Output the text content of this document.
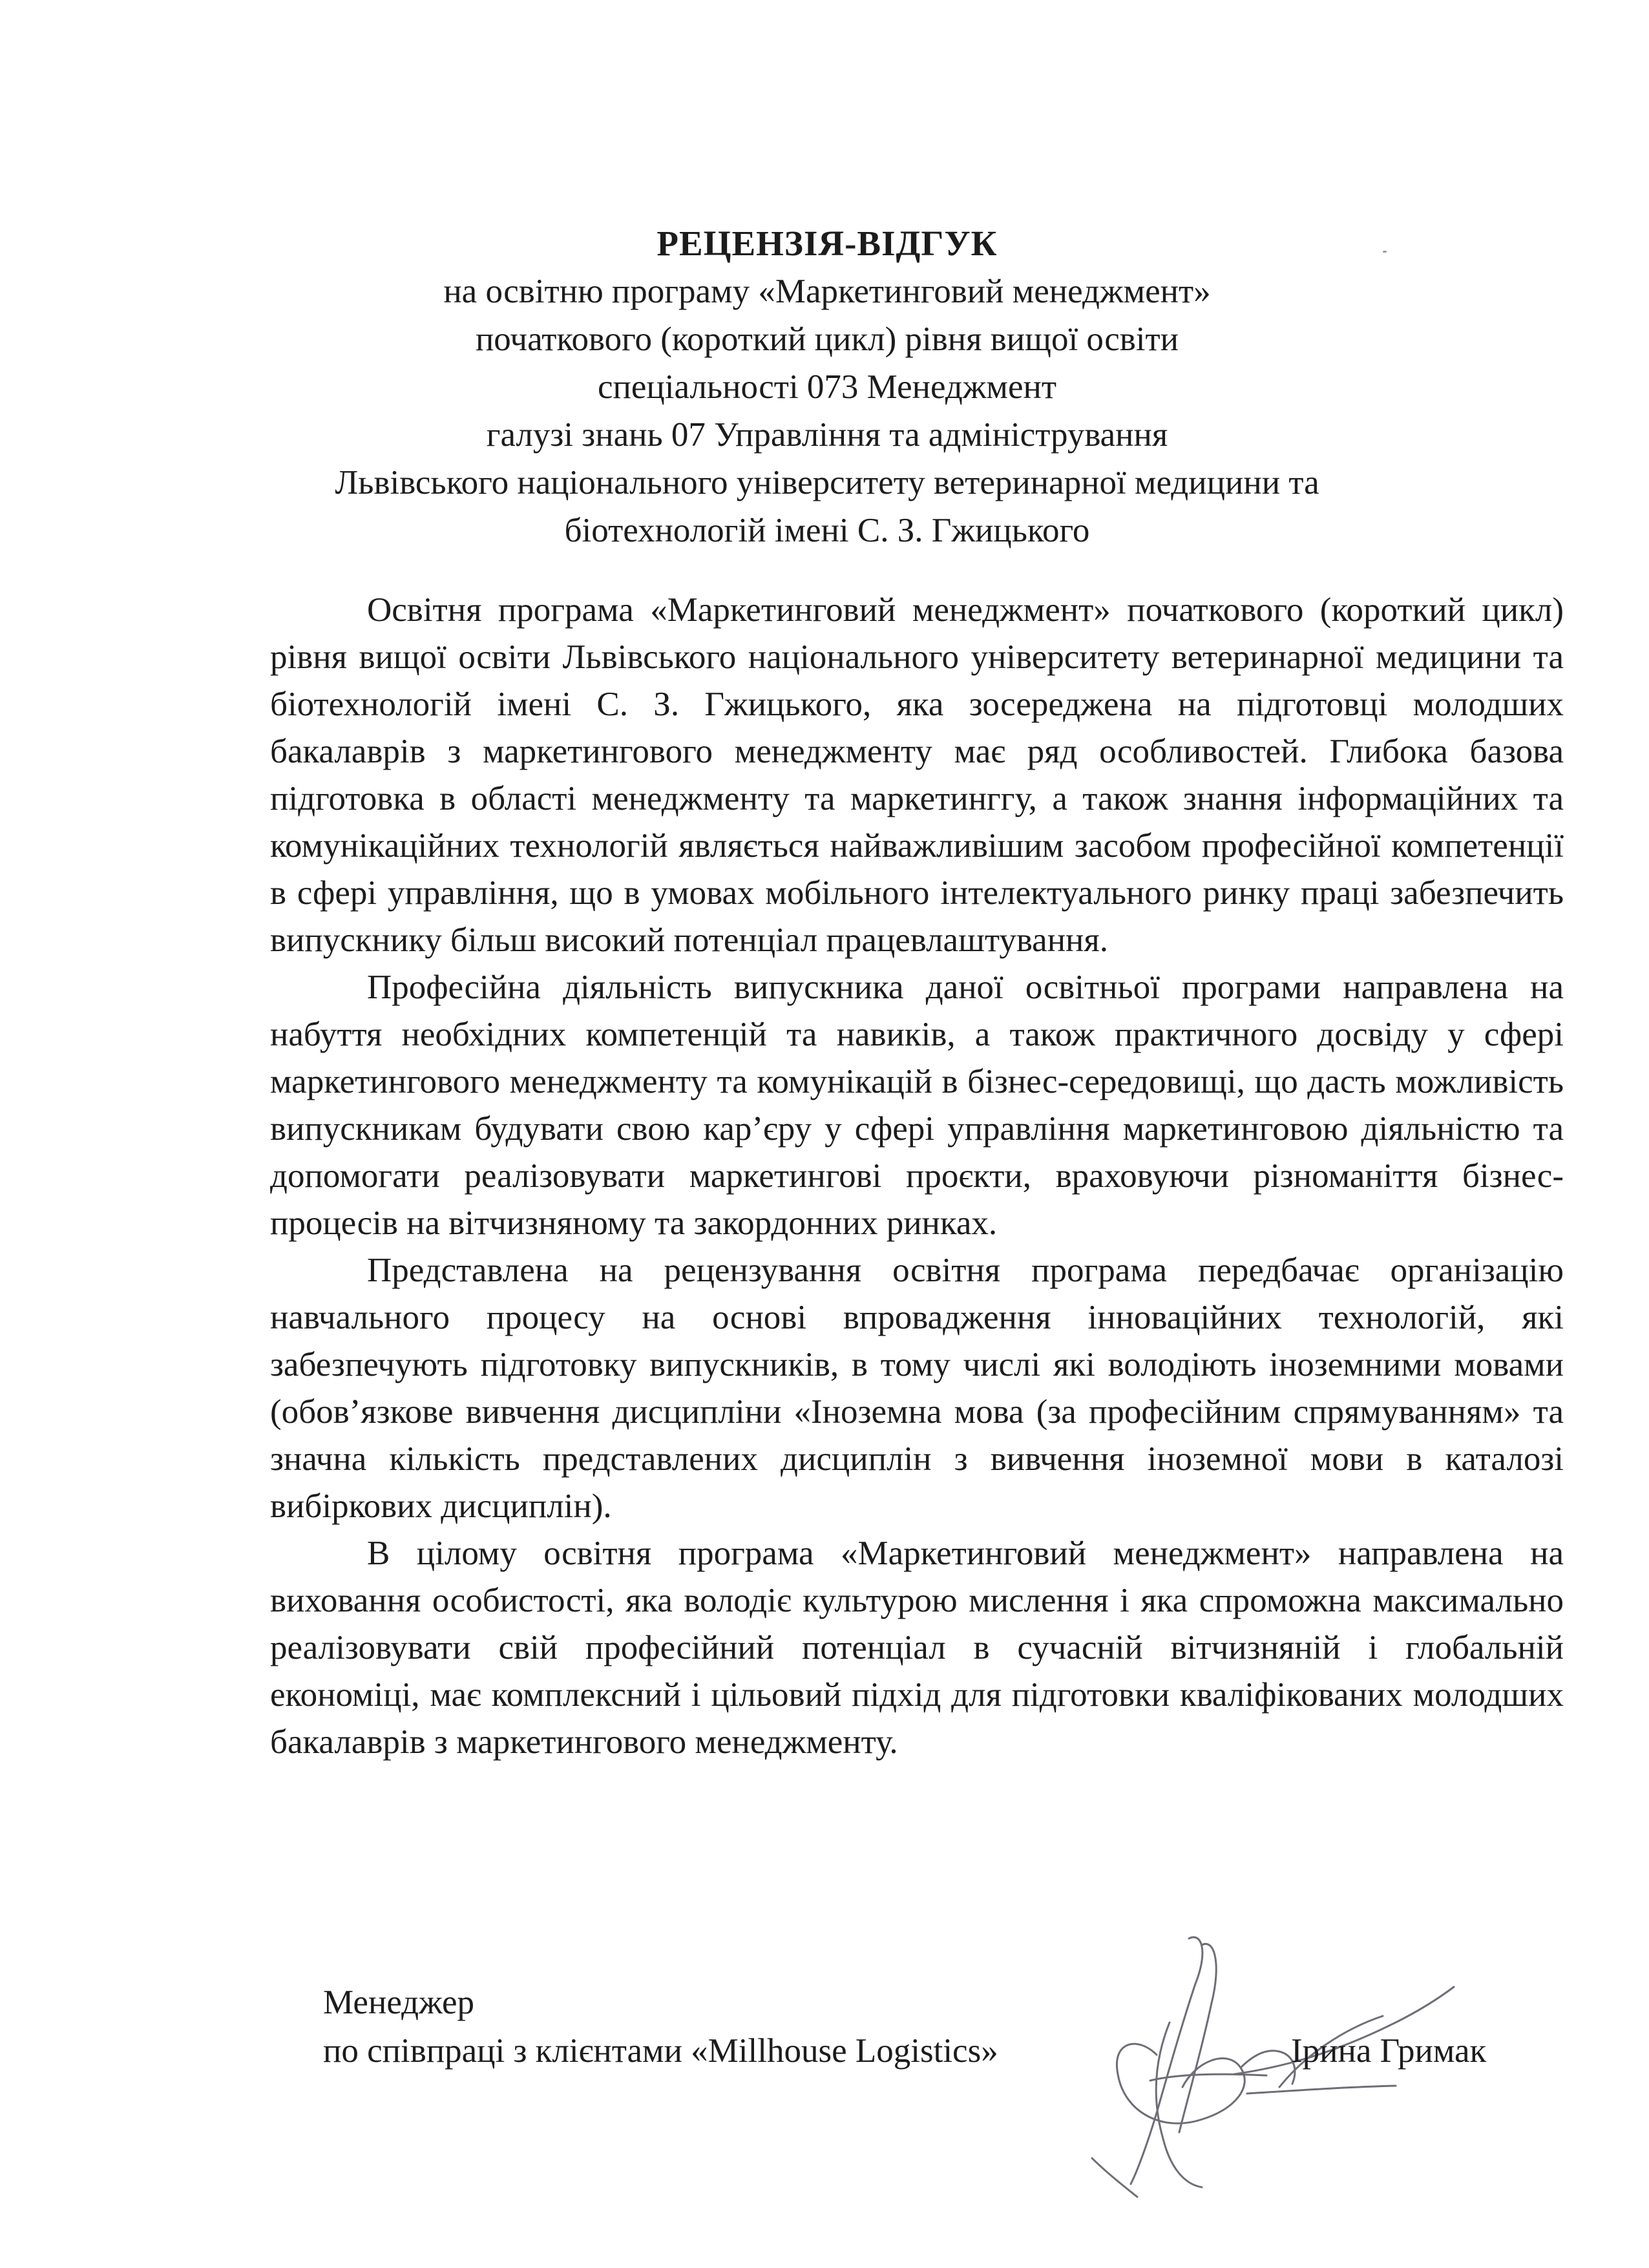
РЕЦЕНЗІЯ-ВІДГУК
на освітню програму «Маркетинговий менеджмент»
початкового (короткий цикл) рівня вищої освіти
спеціальності 073 Менеджмент
галузі знань 07 Управління та адміністрування
Львівського національного університету ветеринарної медицини та
біотехнологій імені С. З. Гжицького

Освітня програма «Маркетинговий менеджмент» початкового (короткий цикл) рівня вищої освіти Львівського національного університету ветеринарної медицини та біотехнологій імені С. З. Гжицького, яка зосереджена на підготовці молодших бакалаврів з маркетингового менеджменту має ряд особливостей. Глибока базова підготовка в області менеджменту та маркетинггу, а також знання інформаційних та комунікаційних технологій являється найважливішим засобом професійної компетенції в сфері управління, що в умовах мобільного інтелектуального ринку праці забезпечить випускнику більш високий потенціал працевлаштування.

Професійна діяльність випускника даної освітньої програми направлена на набуття необхідних компетенцій та навиків, а також практичного досвіду у сфері маркетингового менеджменту та комунікацій в бізнес-середовищі, що дасть можливість випускникам будувати свою кар’єру у сфері управління маркетинговою діяльністю та допомогати реалізовувати маркетингові проєкти, враховуючи різноманіття бізнес-процесів на вітчизняному та закордонних ринках.

Представлена на рецензування освітня програма передбачає організацію навчального процесу на основі впровадження інноваційних технологій, які забезпечують підготовку випускників, в тому числі які володіють іноземними мовами (обов’язкове вивчення дисципліни «Іноземна мова (за професійним спрямуванням» та значна кількість представлених дисциплін з вивчення іноземної мови в каталозі вибіркових дисциплін).

В цілому освітня програма «Маркетинговий менеджмент» направлена на виховання особистості, яка володіє культурою мислення і яка спроможна максимально реалізовувати свій професійний потенціал в сучасній вітчизняній і глобальній економіці, має комплексний і цільовий підхід для підготовки кваліфікованих молодших бакалаврів з маркетингового менеджменту.

Менеджер
по співпраці з клієнтами «Millhouse Logistics»	Ірина Гримак
